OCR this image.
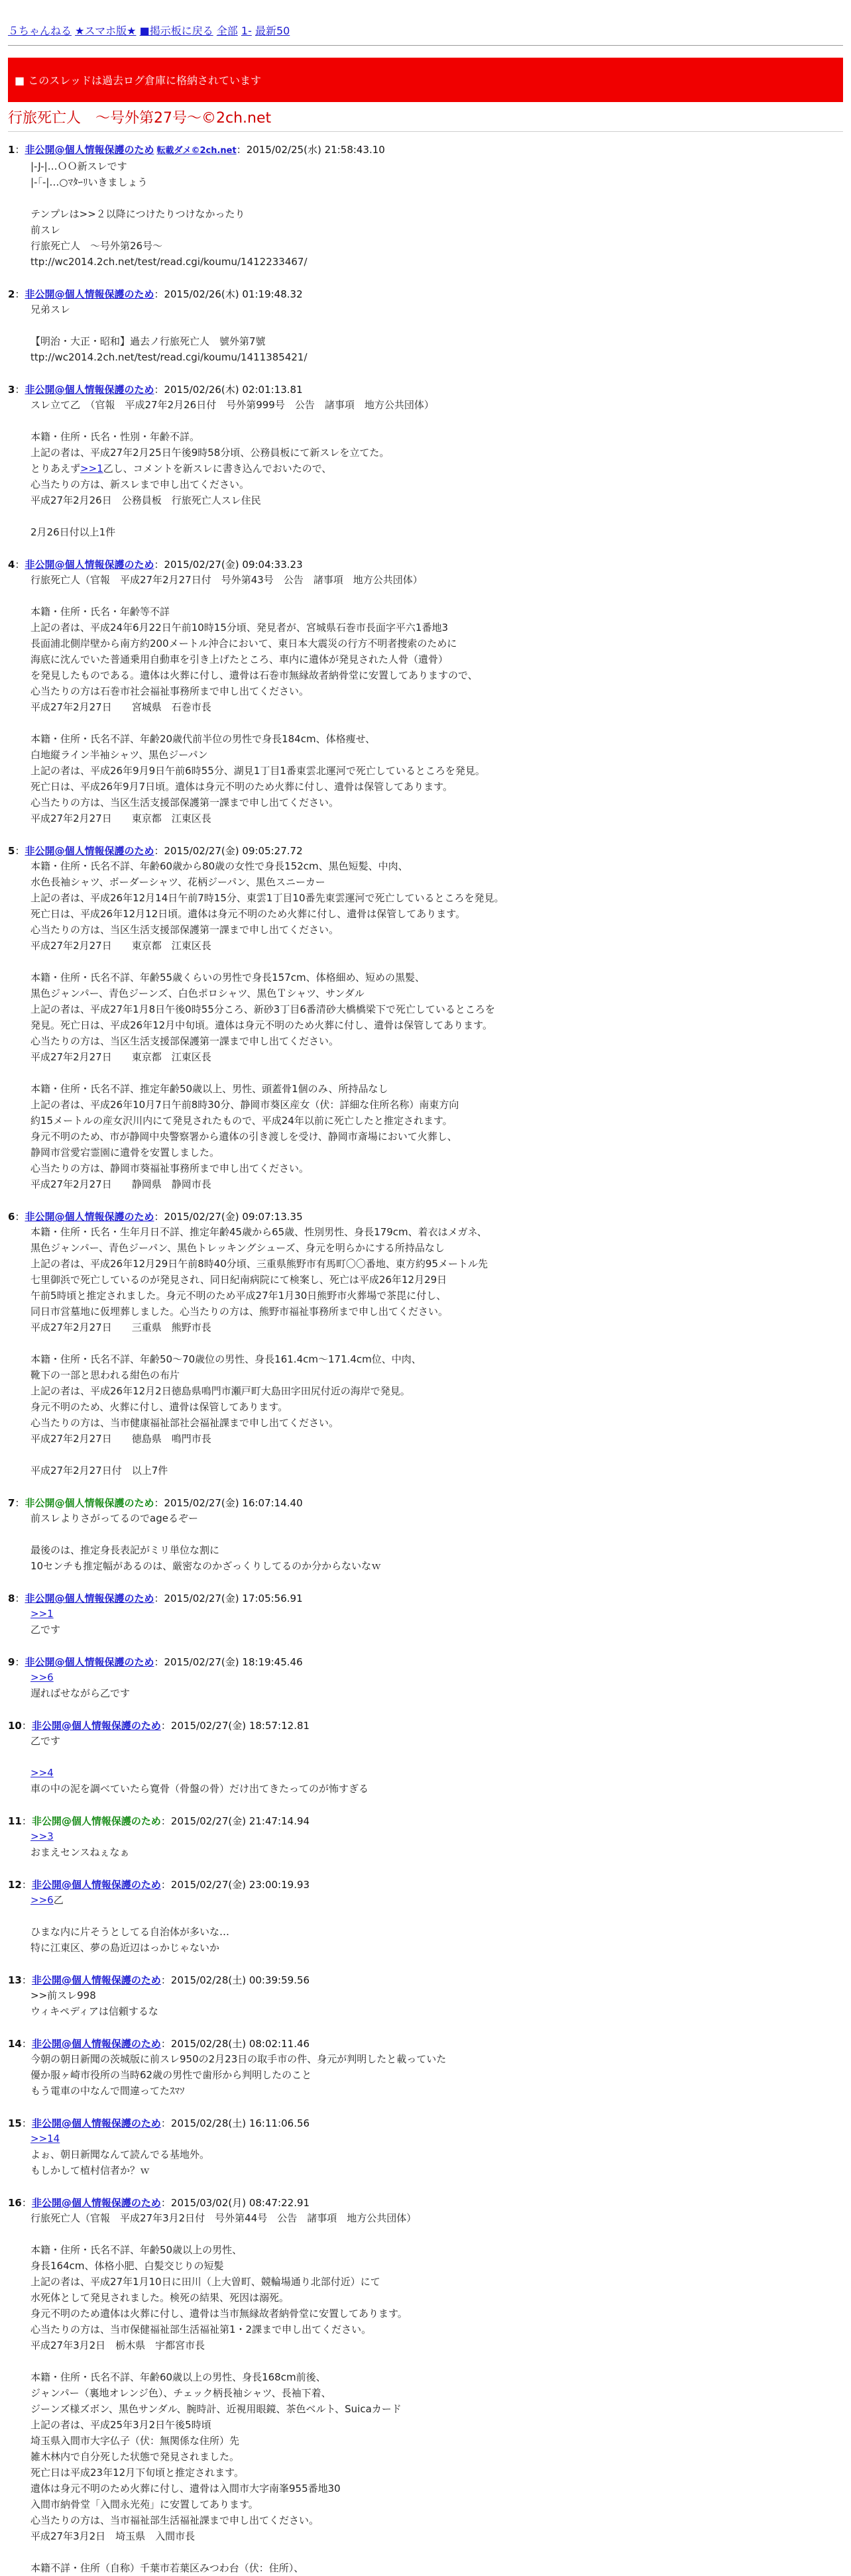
５ちゃんねる ★スマホ版★ ■掲示板に戻る 全部 1- 最新50
■ このスレッドは過去ログ倉庫に格納されています
行旅死亡人　〜号外第27号〜©2ch.net
1：非公開@個人情報保護のため 転載ダメ©2ch.net：2015/02/25(水) 21:58:43.10
|-J-|…ＯＯ新スレです
|-｢-|…○ﾏﾀｰﾘいきましょう
テンプレは>>２以降につけたりつけなかったり
前スレ
行旅死亡人　〜号外第26号〜
ttp://wc2014.2ch.net/test/read.cgi/koumu/1412233467/
2：非公開@個人情報保護のため：2015/02/26(木) 01:19:48.32
兄弟スレ
【明治・大正・昭和】過去ノ行旅死亡人　號外第7號
ttp://wc2014.2ch.net/test/read.cgi/koumu/1411385421/
3：非公開@個人情報保護のため：2015/02/26(木) 02:01:13.81
スレ立て乙　（官報　平成27年2月26日付　号外第999号　公告　諸事項　地方公共団体）
本籍・住所・氏名・性別・年齢不詳。
上記の者は、平成27年2月25日午後9時58分頃、公務員板にて新スレを立てた。
とりあえず>>1乙し、コメントを新スレに書き込んでおいたので、
心当たりの方は、新スレまで申し出てください。
平成27年2月26日　公務員板　行旅死亡人スレ住民
2月26日付以上1件
4：非公開@個人情報保護のため：2015/02/27(金) 09:04:33.23
行旅死亡人（官報　平成27年2月27日付　号外第43号　公告　諸事項　地方公共団体）
本籍・住所・氏名・年齢等不詳
上記の者は、平成24年6月22日午前10時15分頃、発見者が、宮城県石巻市長面字平六1番地3
長面浦北側岸壁から南方約200メートル沖合において、東日本大震災の行方不明者捜索のために
海底に沈んでいた普通乗用自動車を引き上げたところ、車内に遺体が発見された人骨（遺骨）
を発見したものである。遺体は火葬に付し、遺骨は石巻市無縁故者納骨堂に安置してありますので、
心当たりの方は石巻市社会福祉事務所まで申し出てください。
平成27年2月27日　　宮城県　石巻市長
本籍・住所・氏名不詳、年齢20歳代前半位の男性で身長184cm、体格痩せ、
白地縦ライン半袖シャツ、黒色ジーパン
上記の者は、平成26年9月9日午前6時55分、湖見1丁目1番東雲北運河で死亡しているところを発見。
死亡日は、平成26年9月7日頃。遺体は身元不明のため火葬に付し、遺骨は保管してあります。
心当たりの方は、当区生活支援部保護第一課まで申し出てください。
平成27年2月27日　　東京都　江東区長
5：非公開@個人情報保護のため：2015/02/27(金) 09:05:27.72
本籍・住所・氏名不詳、年齢60歳から80歳の女性で身長152cm、黒色短髪、中肉、
水色長袖シャツ、ボーダーシャツ、花柄ジーパン、黒色スニーカー
上記の者は、平成26年12月14日午前7時15分、東雲1丁目10番先東雲運河で死亡しているところを発見。
死亡日は、平成26年12月12日頃。遺体は身元不明のため火葬に付し、遺骨は保管してあります。
心当たりの方は、当区生活支援部保護第一課まで申し出てください。
平成27年2月27日　　東京都　江東区長
本籍・住所・氏名不詳、年齢55歳くらいの男性で身長157cm、体格細め、短めの黒髪、
黒色ジャンパー、青色ジーンズ、白色ポロシャツ、黒色Ｔシャツ、サンダル
上記の者は、平成27年1月8日午後0時55分ころ、新砂3丁目6番清砂大橋橋梁下で死亡しているところを
発見。死亡日は、平成26年12月中旬頃。遺体は身元不明のため火葬に付し、遺骨は保管してあります。
心当たりの方は、当区生活支援部保護第一課まで申し出てください。
平成27年2月27日　　東京都　江東区長
本籍・住所・氏名不詳、推定年齢50歳以上、男性、頭蓋骨1個のみ、所持品なし
上記の者は、平成26年10月7日午前8時30分、静岡市葵区産女（伏：詳細な住所名称）南東方向
約15メートルの産女沢川内にて発見されたもので、平成24年以前に死亡したと推定されます。
身元不明のため、市が静岡中央警察署から遺体の引き渡しを受け、静岡市斎場において火葬し、
静岡市営愛宕霊園に遺骨を安置しました。
心当たりの方は、静岡市葵福祉事務所まで申し出てください。
平成27年2月27日　　静岡県　静岡市長
6：非公開@個人情報保護のため：2015/02/27(金) 09:07:13.35
本籍・住所・氏名・生年月日不詳、推定年齢45歳から65歳、性別男性、身長179cm、着衣はメガネ、
黒色ジャンパー、青色ジーパン、黒色トレッキングシューズ、身元を明らかにする所持品なし
上記の者は、平成26年12月29日午前8時40分頃、三重県熊野市有馬町〇〇番地、東方約95メートル先
七里御浜で死亡しているのが発見され、同日紀南病院にて検案し、死亡は平成26年12月29日
午前5時頃と推定されました。身元不明のため平成27年1月30日熊野市火葬場で茶毘に付し、
同日市営墓地に仮埋葬しました。心当たりの方は、熊野市福祉事務所まで申し出てください。
平成27年2月27日　　三重県　熊野市長
本籍・住所・氏名不詳、年齢50〜70歳位の男性、身長161.4cm〜171.4cm位、中肉、
靴下の一部と思われる紺色の布片
上記の者は、平成26年12月2日徳島県鳴門市瀬戸町大島田字田尻付近の海岸で発見。
身元不明のため、火葬に付し、遺骨は保管してあります。
心当たりの方は、当市健康福祉部社会福祉課まで申し出てください。
平成27年2月27日　　徳島県　鳴門市長
平成27年2月27日付　以上7件
7：非公開@個人情報保護のため：2015/02/27(金) 16:07:14.40
前スレよりさがってるのでageるぞー
最後のは、推定身長表記がミリ単位な割に
10センチも推定幅があるのは、厳密なのかざっくりしてるのか分からないなｗ
8：非公開@個人情報保護のため：2015/02/27(金) 17:05:56.91
>>1
乙です
9：非公開@個人情報保護のため：2015/02/27(金) 18:19:45.46
>>6
遅ればせながら乙です
10：非公開@個人情報保護のため：2015/02/27(金) 18:57:12.81
乙です
>>4
車の中の泥を調べていたら寛骨（骨盤の骨）だけ出てきたってのが怖すぎる
11：非公開@個人情報保護のため：2015/02/27(金) 21:47:14.94
>>3
おまえセンスねぇなぁ
12：非公開@個人情報保護のため：2015/02/27(金) 23:00:19.93
>>6乙
ひまな内に片そうとしてる自治体が多いな…
特に江東区、夢の島近辺はっかじゃないか
13：非公開@個人情報保護のため：2015/02/28(土) 00:39:59.56
>>前スレ998
ウィキペディアは信頼するな
14：非公開@個人情報保護のため：2015/02/28(土) 08:02:11.46
今朝の朝日新聞の茨城版に前スレ950の2月23日の取手市の件、身元が判明したと載っていた
優か服ヶ崎市役所の当時62歳の男性で歯形から判明したのこと
もう電車の中なんで間違ってたｽﾏｿ
15：非公開@個人情報保護のため：2015/02/28(土) 16:11:06.56
>>14
よぉ、朝日新聞なんて読んでる基地外。
もしかして植村信者か？ｗ
16：非公開@個人情報保護のため：2015/03/02(月) 08:47:22.91
行旅死亡人（官報　平成27年3月2日付　号外第44号　公告　諸事項　地方公共団体）
本籍・住所・氏名不詳、年齢50歳以上の男性、
身長164cm、体格小肥、白髪交じりの短髪
上記の者は、平成27年1月10日に田川（上大曽町、競輪場通り北部付近）にて
水死体として発見されました。検死の結果、死因は溺死。
身元不明のため遺体は火葬に付し、遺骨は当市無縁故者納骨堂に安置してあります。
心当たりの方は、当市保健福祉部生活福祉第1・2課まで申し出てください。
平成27年3月2日　栃木県　宇都宮市長
本籍・住所・氏名不詳、年齢60歳以上の男性、身長168cm前後、
ジャンパー（裏地オレンジ色）、チェック柄長袖シャツ、長袖下着、
ジーンズ様ズボン、黒色サンダル、腕時計、近視用眼鏡、茶色ベルト、Suicaカード
上記の者は、平成25年3月2日午後5時頃
埼玉県入間市大字仏子（伏：無関係な住所）先
雑木林内で自分死した状態で発見されました。
死亡日は平成23年12月下旬頃と推定されます。
遺体は身元不明のため火葬に付し、遺骨は入間市大字南峯955番地30
入間市納骨堂「入間永光苑」に安置してあります。
心当たりの方は、当市福祉部生活福祉課まで申し出てください。
平成27年3月2日　埼玉県　入間市長
本籍不詳・住所（自称）千葉市若葉区みつわ台（伏：住所）、
